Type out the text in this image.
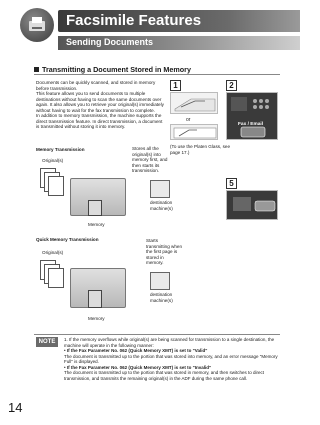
Facsimile Features
Sending Documents
Transmitting a Document Stored in Memory

Documents can be quickly scanned, and stored in memory before transmission.

This feature allows you to send documents to multiple destinations without having to scan the same documents over again. It also allows you to retrieve your original(s) immediately without having to wait for the fax transmission to complete.

In addition to memory transmission, the machine supports the direct transmission feature. In direct transmission, a document is transmitted without storing it into memory.

1
or
(To use the Platen Glass, see page 17.)
2
Fax / Email
5
Memory Transmission
Original(s)
Stores all the original(s) into memory first, and then starts its transmission.
destination machine(s)
Memory
Quick Memory Transmission
Original(s)
Starts transmitting when the first page is stored in memory.
destination machine(s)
Memory
NOTE	1. If the memory overflows while original(s) are being scanned for transmission to a single destination, the machine will operate in the following manner:

• If the Fax Parameter No. 062 (Quick Memory XMT) is set to "Valid"

The document is transmitted up to the portion that was stored into memory, and an error message "Memory Full" is displayed.

• If the Fax Parameter No. 062 (Quick Memory XMT) is set to "Invalid"

The document is transmitted up to the portion that was stored in memory, and then switches to direct transmission, and transmits the remaining original(s) in the ADF during the same phone call.

14
